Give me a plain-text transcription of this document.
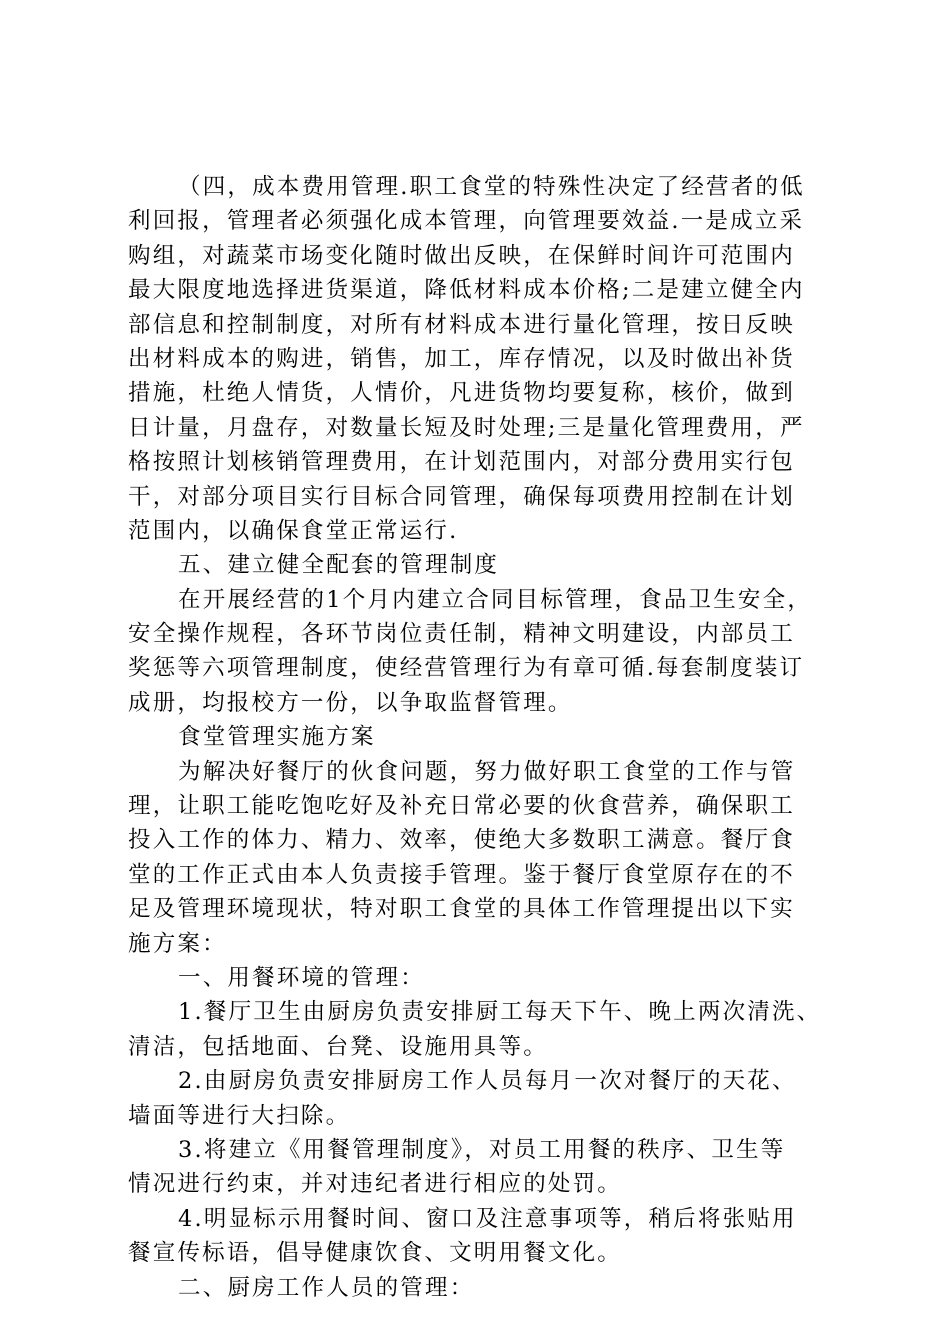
（四，成本费用管理.职工食堂的特殊性决定了经营者的低
利回报，管理者必须强化成本管理，向管理要效益.一是成立采
购组，对蔬菜市场变化随时做出反映，在保鲜时间许可范围内
最大限度地选择进货渠道，降低材料成本价格;二是建立健全内
部信息和控制制度，对所有材料成本进行量化管理，按日反映
出材料成本的购进，销售，加工，库存情况，以及时做出补货
措施，杜绝人情货，人情价，凡进货物均要复称，核价，做到
日计量，月盘存，对数量长短及时处理;三是量化管理费用，严
格按照计划核销管理费用，在计划范围内，对部分费用实行包
干，对部分项目实行目标合同管理，确保每项费用控制在计划
范围内，以确保食堂正常运行.
五、建立健全配套的管理制度
在开展经营的1个月内建立合同目标管理，食品卫生安全，
安全操作规程，各环节岗位责任制，精神文明建设，内部员工
奖惩等六项管理制度，使经营管理行为有章可循.每套制度装订
成册，均报校方一份，以争取监督管理。
食堂管理实施方案
为解决好餐厅的伙食问题，努力做好职工食堂的工作与管
理，让职工能吃饱吃好及补充日常必要的伙食营养，确保职工
投入工作的体力、精力、效率，使绝大多数职工满意。餐厅食
堂的工作正式由本人负责接手管理。鉴于餐厅食堂原存在的不
足及管理环境现状，特对职工食堂的具体工作管理提出以下实
施方案：
一、用餐环境的管理：
1.餐厅卫生由厨房负责安排厨工每天下午、晚上两次清洗、
清洁，包括地面、台凳、设施用具等。
2.由厨房负责安排厨房工作人员每月一次对餐厅的天花、
墙面等进行大扫除。
3.将建立《用餐管理制度》，对员工用餐的秩序、卫生等
情况进行约束，并对违纪者进行相应的处罚。
4.明显标示用餐时间、窗口及注意事项等，稍后将张贴用
餐宣传标语，倡导健康饮食、文明用餐文化。
二、厨房工作人员的管理：
